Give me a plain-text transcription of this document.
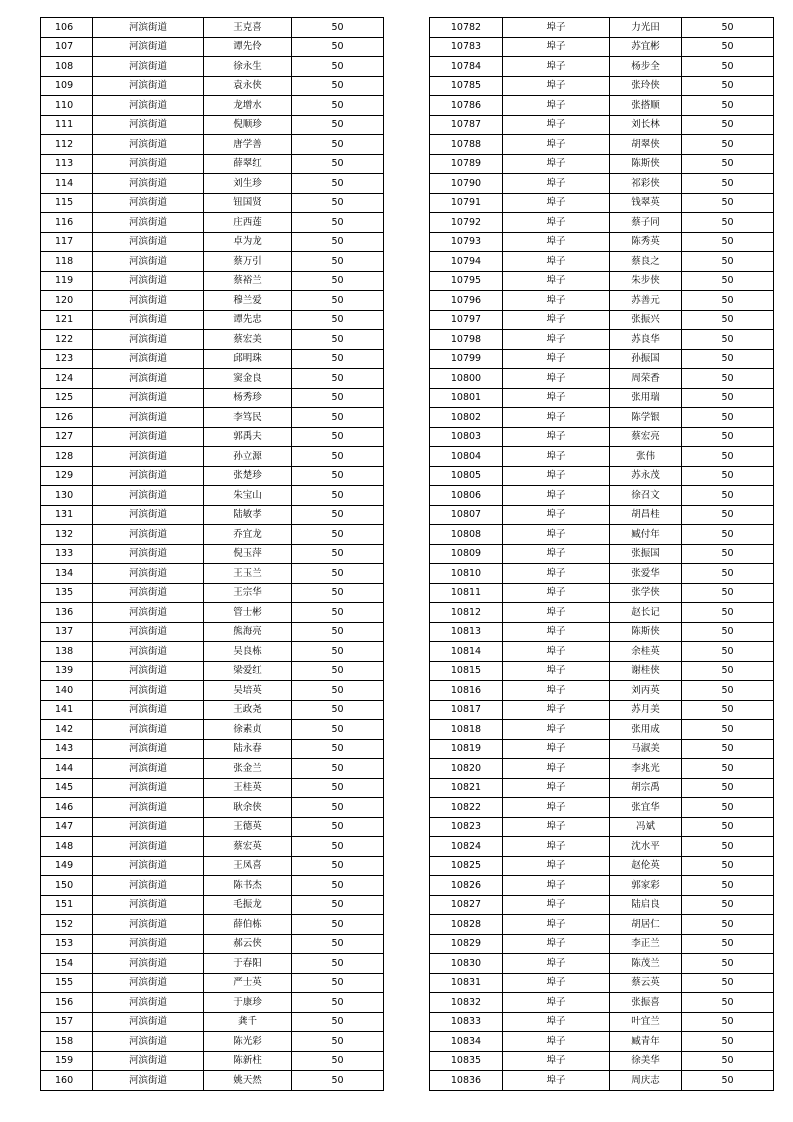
106	河滨街道	王克喜	50
107	河滨街道	谭先伶	50
108	河滨街道	徐永生	50
109	河滨街道	袁永侠	50
110	河滨街道	龙增水	50
111	河滨街道	倪顺珍	50
112	河滨街道	唐学善	50
113	河滨街道	薛翠红	50
114	河滨街道	刘生珍	50
115	河滨街道	钮国贤	50
116	河滨街道	庄西莲	50
117	河滨街道	卓为龙	50
118	河滨街道	蔡万引	50
119	河滨街道	蔡裕兰	50
120	河滨街道	穆兰爱	50
121	河滨街道	谭先忠	50
122	河滨街道	蔡宏美	50
123	河滨街道	邱明珠	50
124	河滨街道	窦金良	50
125	河滨街道	杨秀珍	50
126	河滨街道	李笃民	50
127	河滨街道	郭禹夫	50
128	河滨街道	孙立源	50
129	河滨街道	张楚珍	50
130	河滨街道	朱宝山	50
131	河滨街道	陆敏孝	50
132	河滨街道	乔宜龙	50
133	河滨街道	倪玉萍	50
134	河滨街道	王玉兰	50
135	河滨街道	王宗华	50
136	河滨街道	管士彬	50
137	河滨街道	熊海亮	50
138	河滨街道	吴良栋	50
139	河滨街道	梁爱红	50
140	河滨街道	吴培英	50
141	河滨街道	王政尧	50
142	河滨街道	徐素贞	50
143	河滨街道	陆永春	50
144	河滨街道	张金兰	50
145	河滨街道	王桂英	50
146	河滨街道	耿余侠	50
147	河滨街道	王德英	50
148	河滨街道	蔡宏英	50
149	河滨街道	王凤喜	50
150	河滨街道	陈书杰	50
151	河滨街道	毛振龙	50
152	河滨街道	薛伯栋	50
153	河滨街道	郝云侠	50
154	河滨街道	于春阳	50
155	河滨街道	严士英	50
156	河滨街道	于康珍	50
157	河滨街道	龚千	50
158	河滨街道	陈光彩	50
159	河滨街道	陈新柱	50
160	河滨街道	姚天然	50
10782	埠子	力光田	50
10783	埠子	苏宜彬	50
10784	埠子	杨步全	50
10785	埠子	张玲侠	50
10786	埠子	张搭顺	50
10787	埠子	刘长林	50
10788	埠子	胡翠侠	50
10789	埠子	陈斯侠	50
10790	埠子	祁彩侠	50
10791	埠子	钱翠英	50
10792	埠子	蔡子同	50
10793	埠子	陈秀英	50
10794	埠子	蔡良之	50
10795	埠子	朱步侠	50
10796	埠子	苏善元	50
10797	埠子	张振兴	50
10798	埠子	苏良华	50
10799	埠子	孙振国	50
10800	埠子	周荣香	50
10801	埠子	张用瑞	50
10802	埠子	陈学银	50
10803	埠子	蔡宏亮	50
10804	埠子	张伟	50
10805	埠子	苏永茂	50
10806	埠子	徐召文	50
10807	埠子	胡昌桂	50
10808	埠子	臧付年	50
10809	埠子	张振国	50
10810	埠子	张爱华	50
10811	埠子	张学侠	50
10812	埠子	赵长记	50
10813	埠子	陈斯侠	50
10814	埠子	余桂英	50
10815	埠子	谢桂侠	50
10816	埠子	刘丙英	50
10817	埠子	苏月美	50
10818	埠子	张用成	50
10819	埠子	马淑美	50
10820	埠子	李兆光	50
10821	埠子	胡宗禹	50
10822	埠子	张宜华	50
10823	埠子	冯斌	50
10824	埠子	沈水平	50
10825	埠子	赵伦英	50
10826	埠子	郭家彩	50
10827	埠子	陆启良	50
10828	埠子	胡居仁	50
10829	埠子	李正兰	50
10830	埠子	陈茂兰	50
10831	埠子	蔡云英	50
10832	埠子	张振喜	50
10833	埠子	叶宜兰	50
10834	埠子	臧青年	50
10835	埠子	徐美华	50
10836	埠子	周庆志	50
